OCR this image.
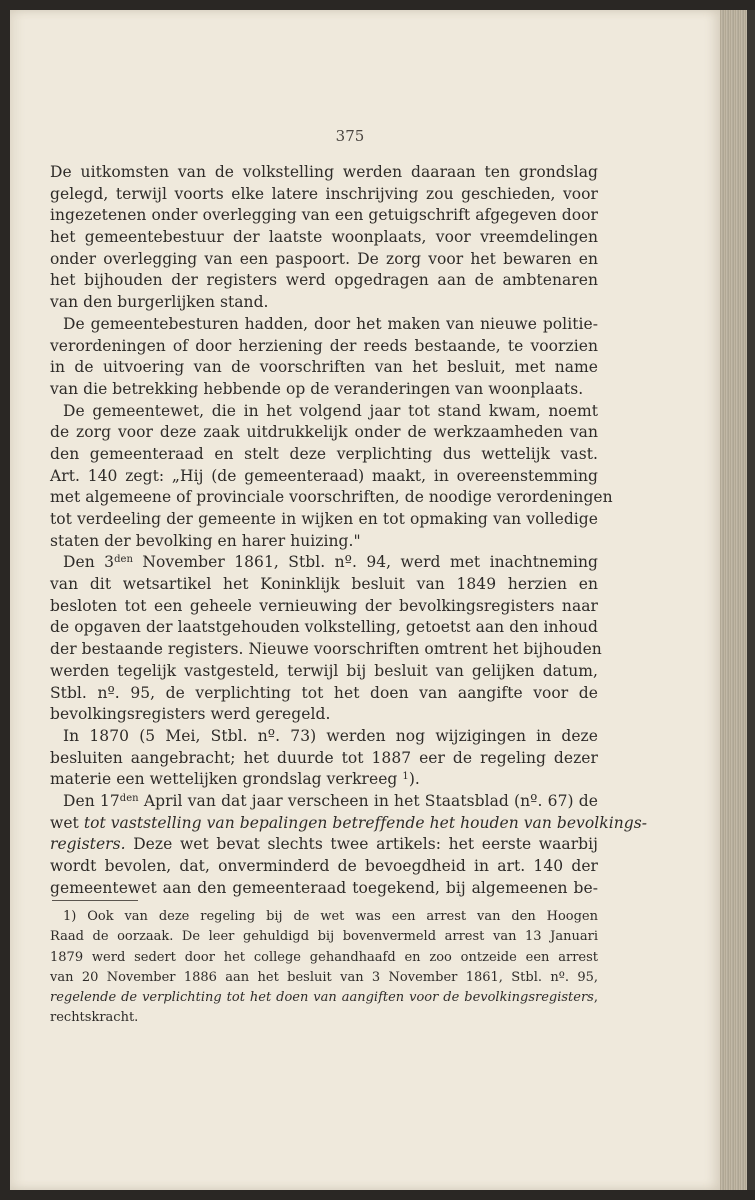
375
De uitkomsten van de volkstelling werden daaraan ten grondslag
gelegd, terwijl voorts elke latere inschrijving zou geschieden, voor
ingezetenen onder overlegging van een getuigschrift afgegeven door
het gemeentebestuur der laatste woonplaats, voor vreemdelingen
onder overlegging van een paspoort. De zorg voor het bewaren en
het bijhouden der registers werd opgedragen aan de ambtenaren
van den burgerlijken stand.
De gemeentebesturen hadden, door het maken van nieuwe politie-
verordeningen of door herziening der reeds bestaande, te voorzien
in de uitvoering van de voorschriften van het besluit, met name
van die betrekking hebbende op de veranderingen van woonplaats.
De gemeentewet, die in het volgend jaar tot stand kwam, noemt
de zorg voor deze zaak uitdrukkelijk onder de werkzaamheden van
den gemeenteraad en stelt deze verplichting dus wettelijk vast.
Art. 140 zegt: „Hij (de gemeenteraad) maakt, in overeenstemming
met algemeene of provinciale voorschriften, de noodige verordeningen
tot verdeeling der gemeente in wijken en tot opmaking van volledige
staten der bevolking en harer huizing."
Den $3^{den}$ November 1861, Stbl. nº. 94, werd met inachtneming
van dit wetsartikel het Koninklijk besluit van 1849 herzien en
besloten tot een geheele vernieuwing der bevolkingsregisters naar
de opgaven der laatstgehouden volkstelling, getoetst aan den inhoud
der bestaande registers. Nieuwe voorschriften omtrent het bijhouden
werden tegelijk vastgesteld, terwijl bij besluit van gelijken datum,
Stbl. nº. 95, de verplichting tot het doen van aangifte voor de
bevolkingsregisters werd geregeld.
In 1870 (5 Mei, Stbl. nº. 73) werden nog wijzigingen in deze
besluiten aangebracht; het duurde tot 1887 eer de regeling dezer
materie een wettelijken grondslag verkreeg $^1$).
Den $17^{den}$ April van dat jaar verscheen in het Staatsblad (nº. 67) de
wet tot vaststelling van bepalingen betreffende het houden van bevolkings-
registers. Deze wet bevat slechts twee artikels: het eerste waarbij
wordt bevolen, dat, onverminderd de bevoegdheid in art. 140 der
gemeentewet aan den gemeenteraad toegekend, bij algemeenen be-
1) Ook van deze regeling bij de wet was een arrest van den Hoogen
Raad de oorzaak. De leer gehuldigd bij bovenvermeld arrest van 13 Januari
1879 werd sedert door het college gehandhaafd en zoo ontzeide een arrest
van 20 November 1886 aan het besluit van 3 November 1861, Stbl. nº. 95,
regelende de verplichting tot het doen van aangiften voor de bevolkingsregisters,
rechtskracht.
